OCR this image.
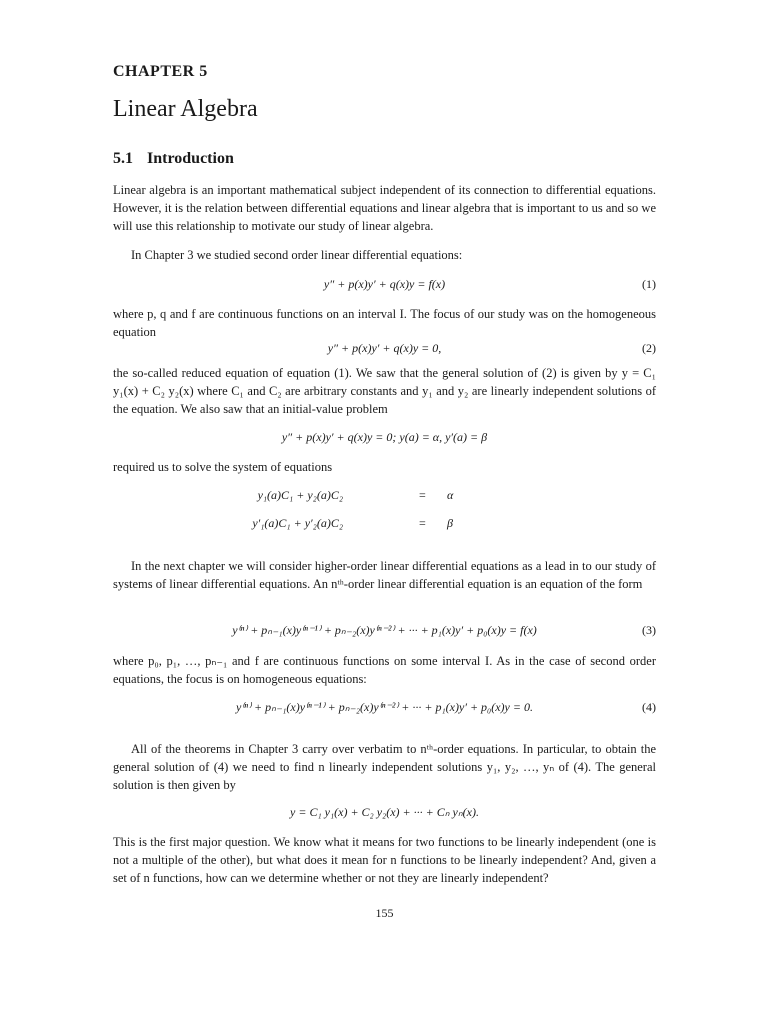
CHAPTER 5
Linear Algebra
5.1 Introduction
Linear algebra is an important mathematical subject independent of its connection to differential equations. However, it is the relation between differential equations and linear algebra that is important to us and so we will use this relationship to motivate our study of linear algebra.
In Chapter 3 we studied second order linear differential equations:
y″ + p(x)y′ + q(x)y = f(x)	(1)
where p, q and f are continuous functions on an interval I. The focus of our study was on the homogeneous equation
y″ + p(x)y′ + q(x)y = 0,	(2)
the so-called reduced equation of equation (1). We saw that the general solution of (2) is given by y = C₁ y₁(x) + C₂ y₂(x) where C₁ and C₂ are arbitrary constants and y₁ and y₂ are linearly independent solutions of the equation. We also saw that an initial-value problem
y″ + p(x)y′ + q(x)y = 0; y(a) = α, y′(a) = β
required us to solve the system of equations
y₁(a)C₁ + y₂(a)C₂	= α
y′₁(a)C₁ + y′₂(a)C₂	= β
In the next chapter we will consider higher-order linear differential equations as a lead in to our study of systems of linear differential equations. An nᵗʰ-order linear differential equation is an equation of the form
y⁽ⁿ⁾ + pₙ₋₁(x)y⁽ⁿ⁻¹⁾ + pₙ₋₂(x)y⁽ⁿ⁻²⁾ + ··· + p₁(x)y′ + p₀(x)y = f(x)	(3)
where p₀, p₁, …, pₙ₋₁ and f are continuous functions on some interval I. As in the case of second order equations, the focus is on homogeneous equations:
y⁽ⁿ⁾ + pₙ₋₁(x)y⁽ⁿ⁻¹⁾ + pₙ₋₂(x)y⁽ⁿ⁻²⁾ + ··· + p₁(x)y′ + p₀(x)y = 0.	(4)
All of the theorems in Chapter 3 carry over verbatim to nᵗʰ-order equations. In particular, to obtain the general solution of (4) we need to find n linearly independent solutions y₁, y₂, …, yₙ of (4). The general solution is then given by
y = C₁ y₁(x) + C₂ y₂(x) + ··· + Cₙ yₙ(x).
This is the first major question. We know what it means for two functions to be linearly independent (one is not a multiple of the other), but what does it mean for n functions to be linearly independent? And, given a set of n functions, how can we determine whether or not they are linearly independent?
155
